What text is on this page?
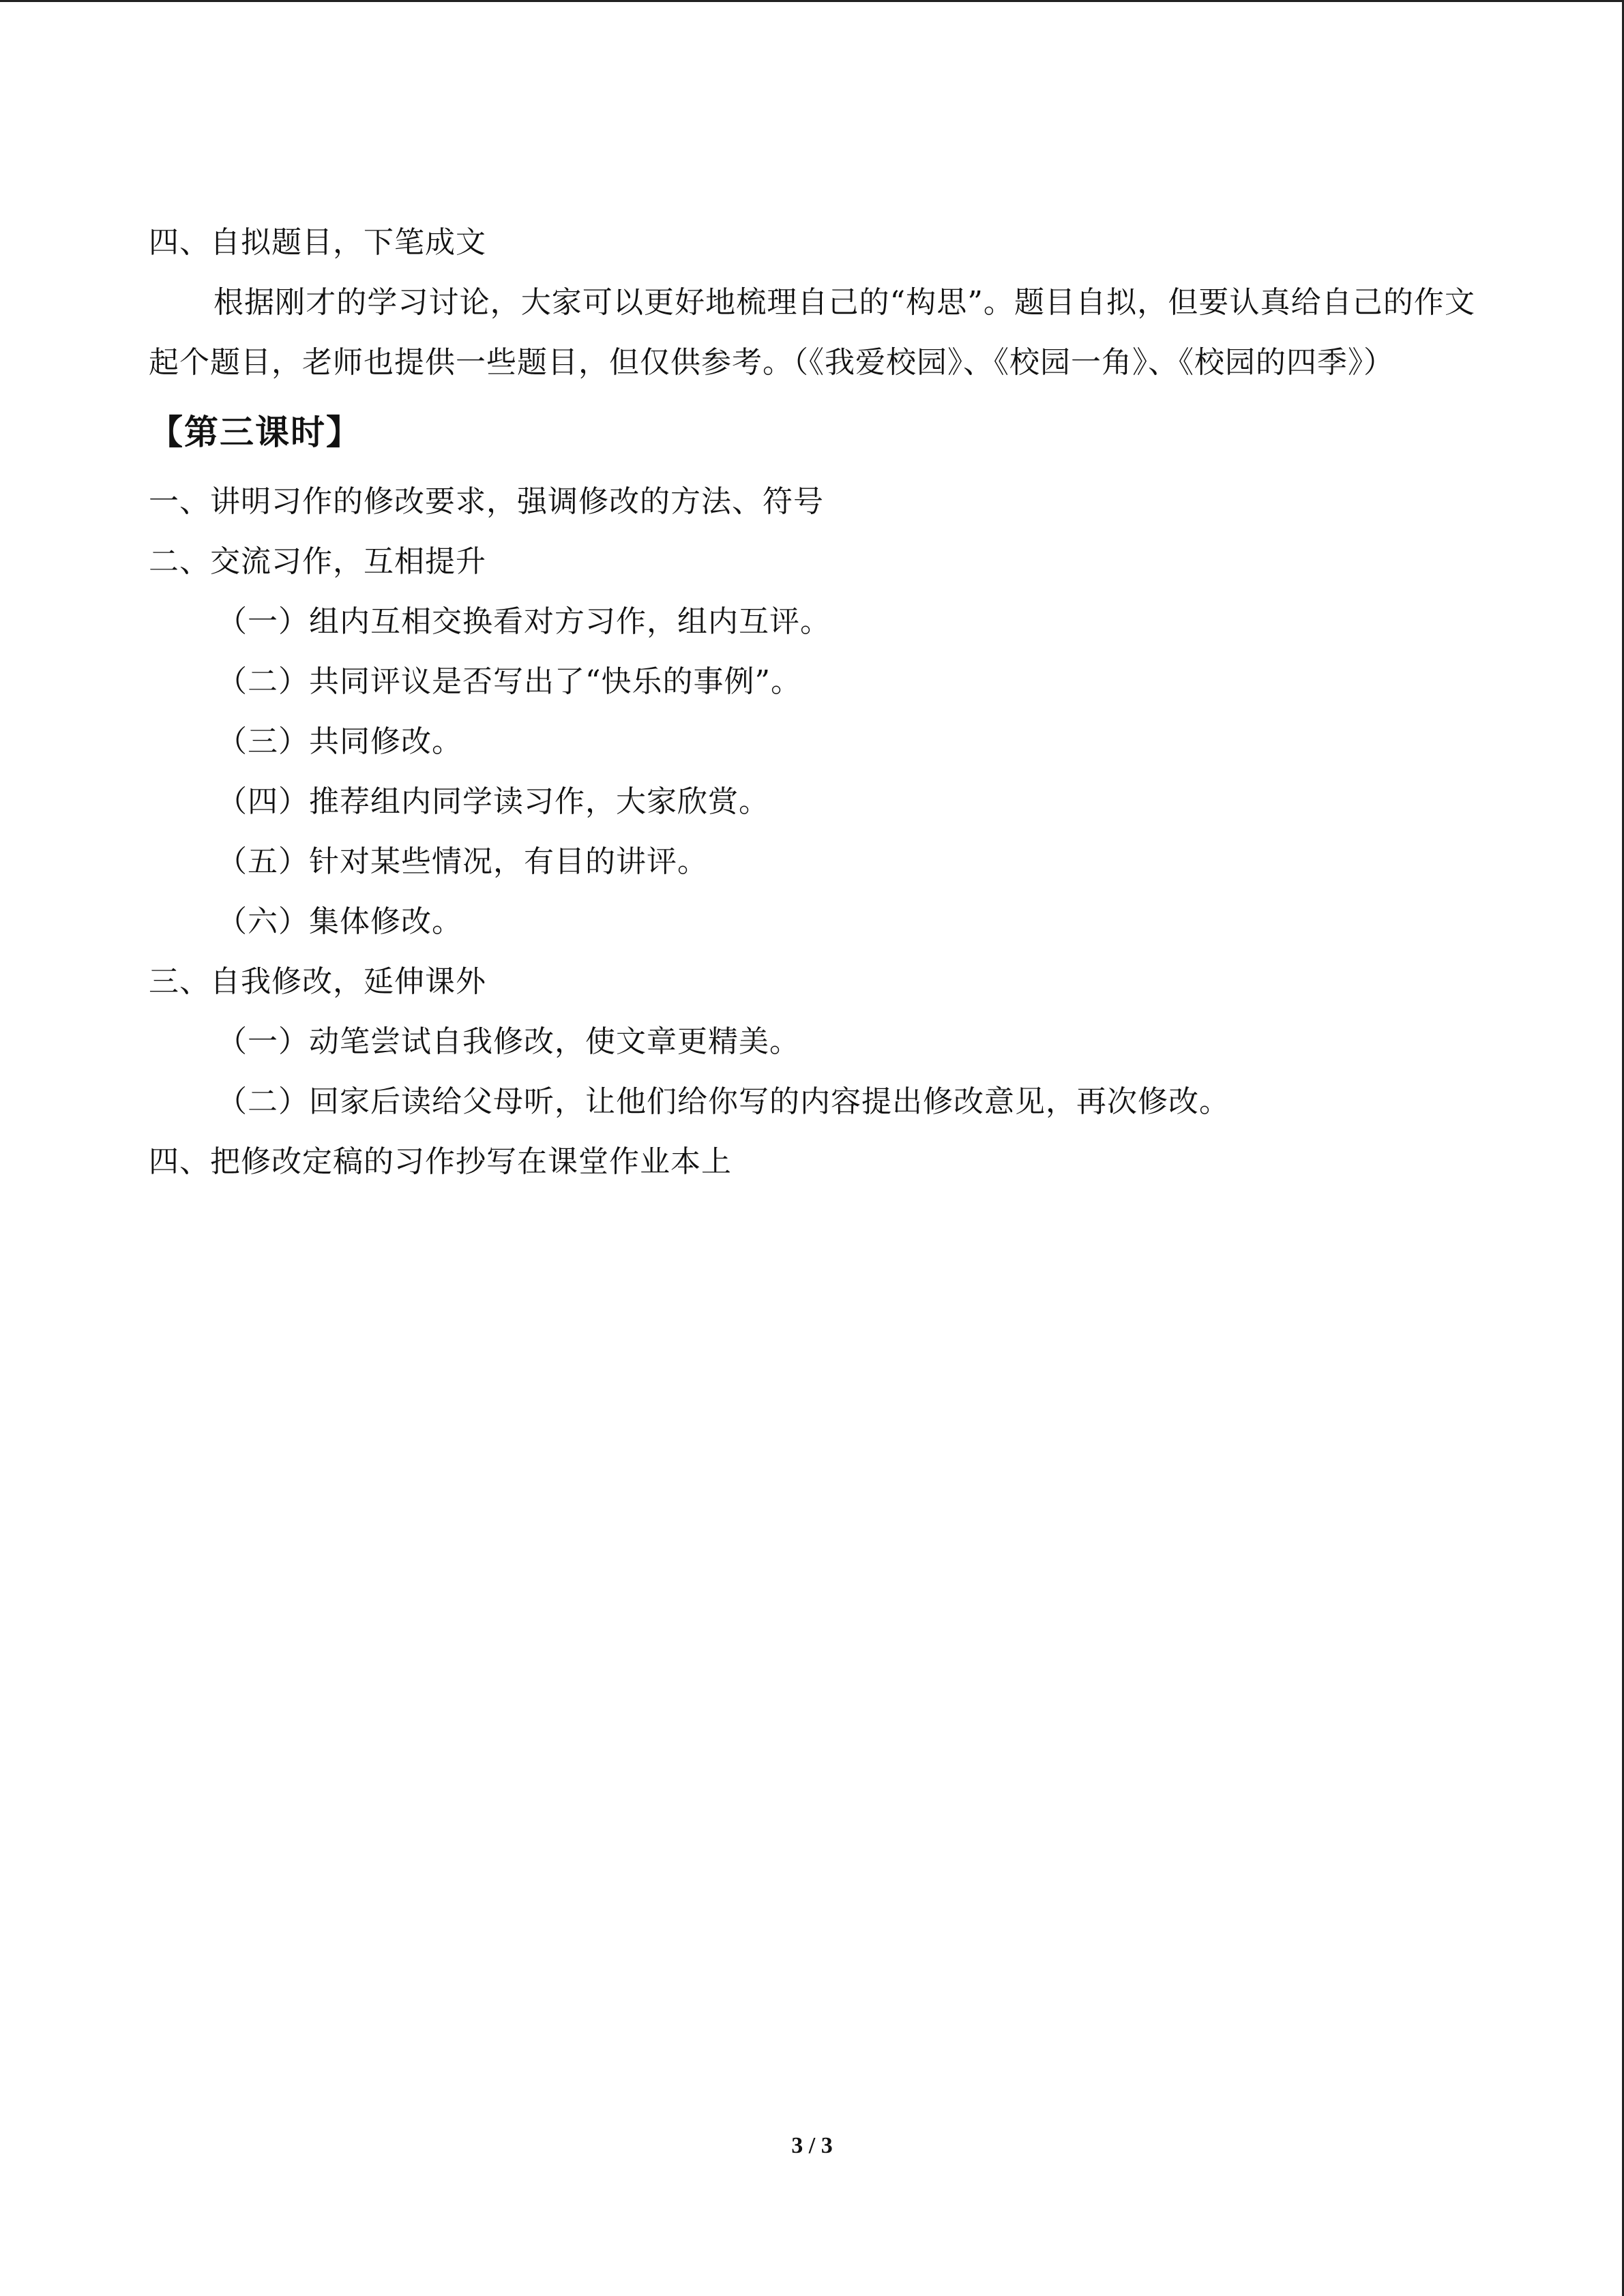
四、自拟题目，下笔成文
根据刚才的学习讨论，大家可以更好地梳理自己的“构思”。题目自拟，但要认真给自己的作文起个题目，老师也提供一些题目，但仅供参考。（《我爱校园》、《校园一角》、《校园的四季》）
【第三课时】
一、讲明习作的修改要求，强调修改的方法、符号
二、交流习作，互相提升
（一）组内互相交换看对方习作，组内互评。
（二）共同评议是否写出了“快乐的事例”。
（三）共同修改。
（四）推荐组内同学读习作，大家欣赏。
（五）针对某些情况，有目的讲评。
（六）集体修改。
三、自我修改，延伸课外
（一）动笔尝试自我修改，使文章更精美。
（二）回家后读给父母听，让他们给你写的内容提出修改意见，再次修改。
四、把修改定稿的习作抄写在课堂作业本上
3 / 3
